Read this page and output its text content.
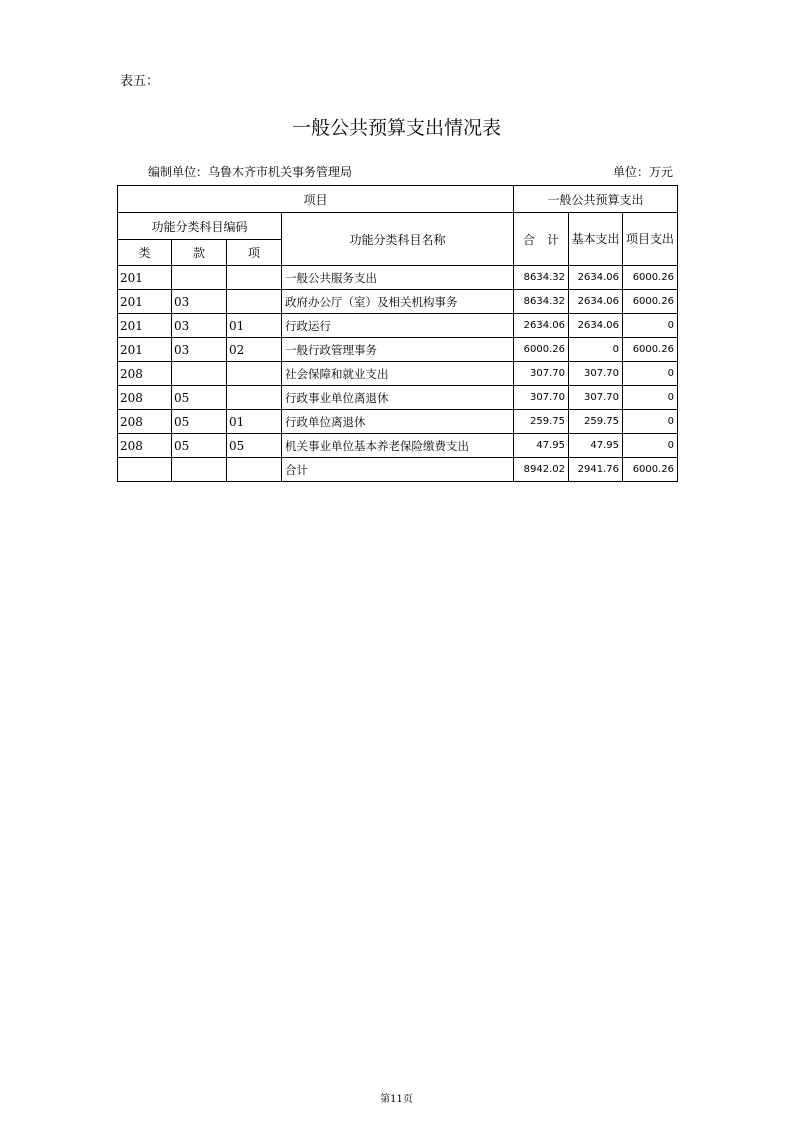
表五：
一般公共预算支出情况表
编制单位：乌鲁木齐市机关事务管理局	单位：万元
项目				一般公共预算支出		
功能分类科目编码			功能分类科目名称	合　计	基本支出	项目支出
类	款	项				
201			一般公共服务支出	8634.32	2634.06	6000.26
201	03		政府办公厅（室）及相关机构事务	8634.32	2634.06	6000.26
201	03	01	行政运行	2634.06	2634.06	0
201	03	02	一般行政管理事务	6000.26	0	6000.26
208			社会保障和就业支出	307.70	307.70	0
208	05		行政事业单位离退休	307.70	307.70	0
208	05	01	行政单位离退休	259.75	259.75	0
208	05	05	机关事业单位基本养老保险缴费支出	47.95	47.95	0
			合计	8942.02	2941.76	6000.26
第11页
